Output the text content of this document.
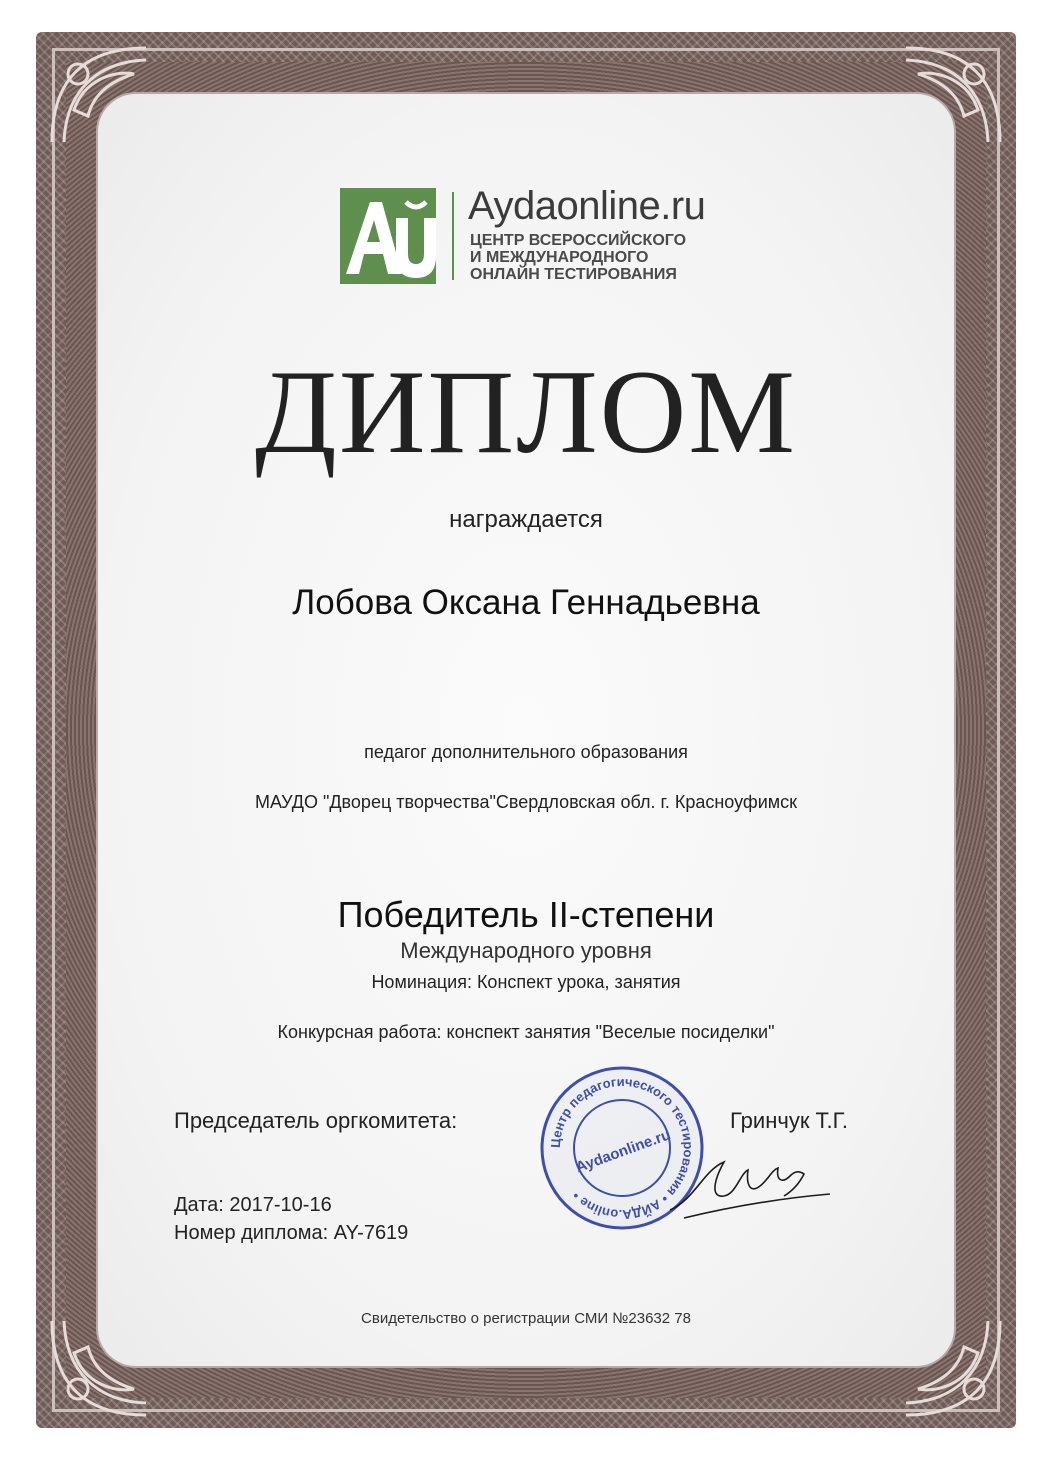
Aydaonline.ru
ЦЕНТР ВСЕРОССИЙСКОГО
И МЕЖДУНАРОДНОГО
ОНЛАЙН ТЕСТИРОВАНИЯ
ДИПЛОМ
награждается
Лобова Оксана Геннадьевна
педагог дополнительного образования
МАУДО "Дворец творчества"Свердловская обл. г. Красноуфимск
Победитель II-степени
Международного уровня
Номинация: Конспект урока, занятия
Конкурсная работа: конспект занятия "Веселые посиделки"
Председатель оргкомитета:	Гринчук Т.Г.
Дата: 2017-10-16
Номер диплома: AY-7619
Центр педагогического тестирования • АЙДА.online •
Aydaonline.ru
Свидетельство о регистрации СМИ №23632 78
